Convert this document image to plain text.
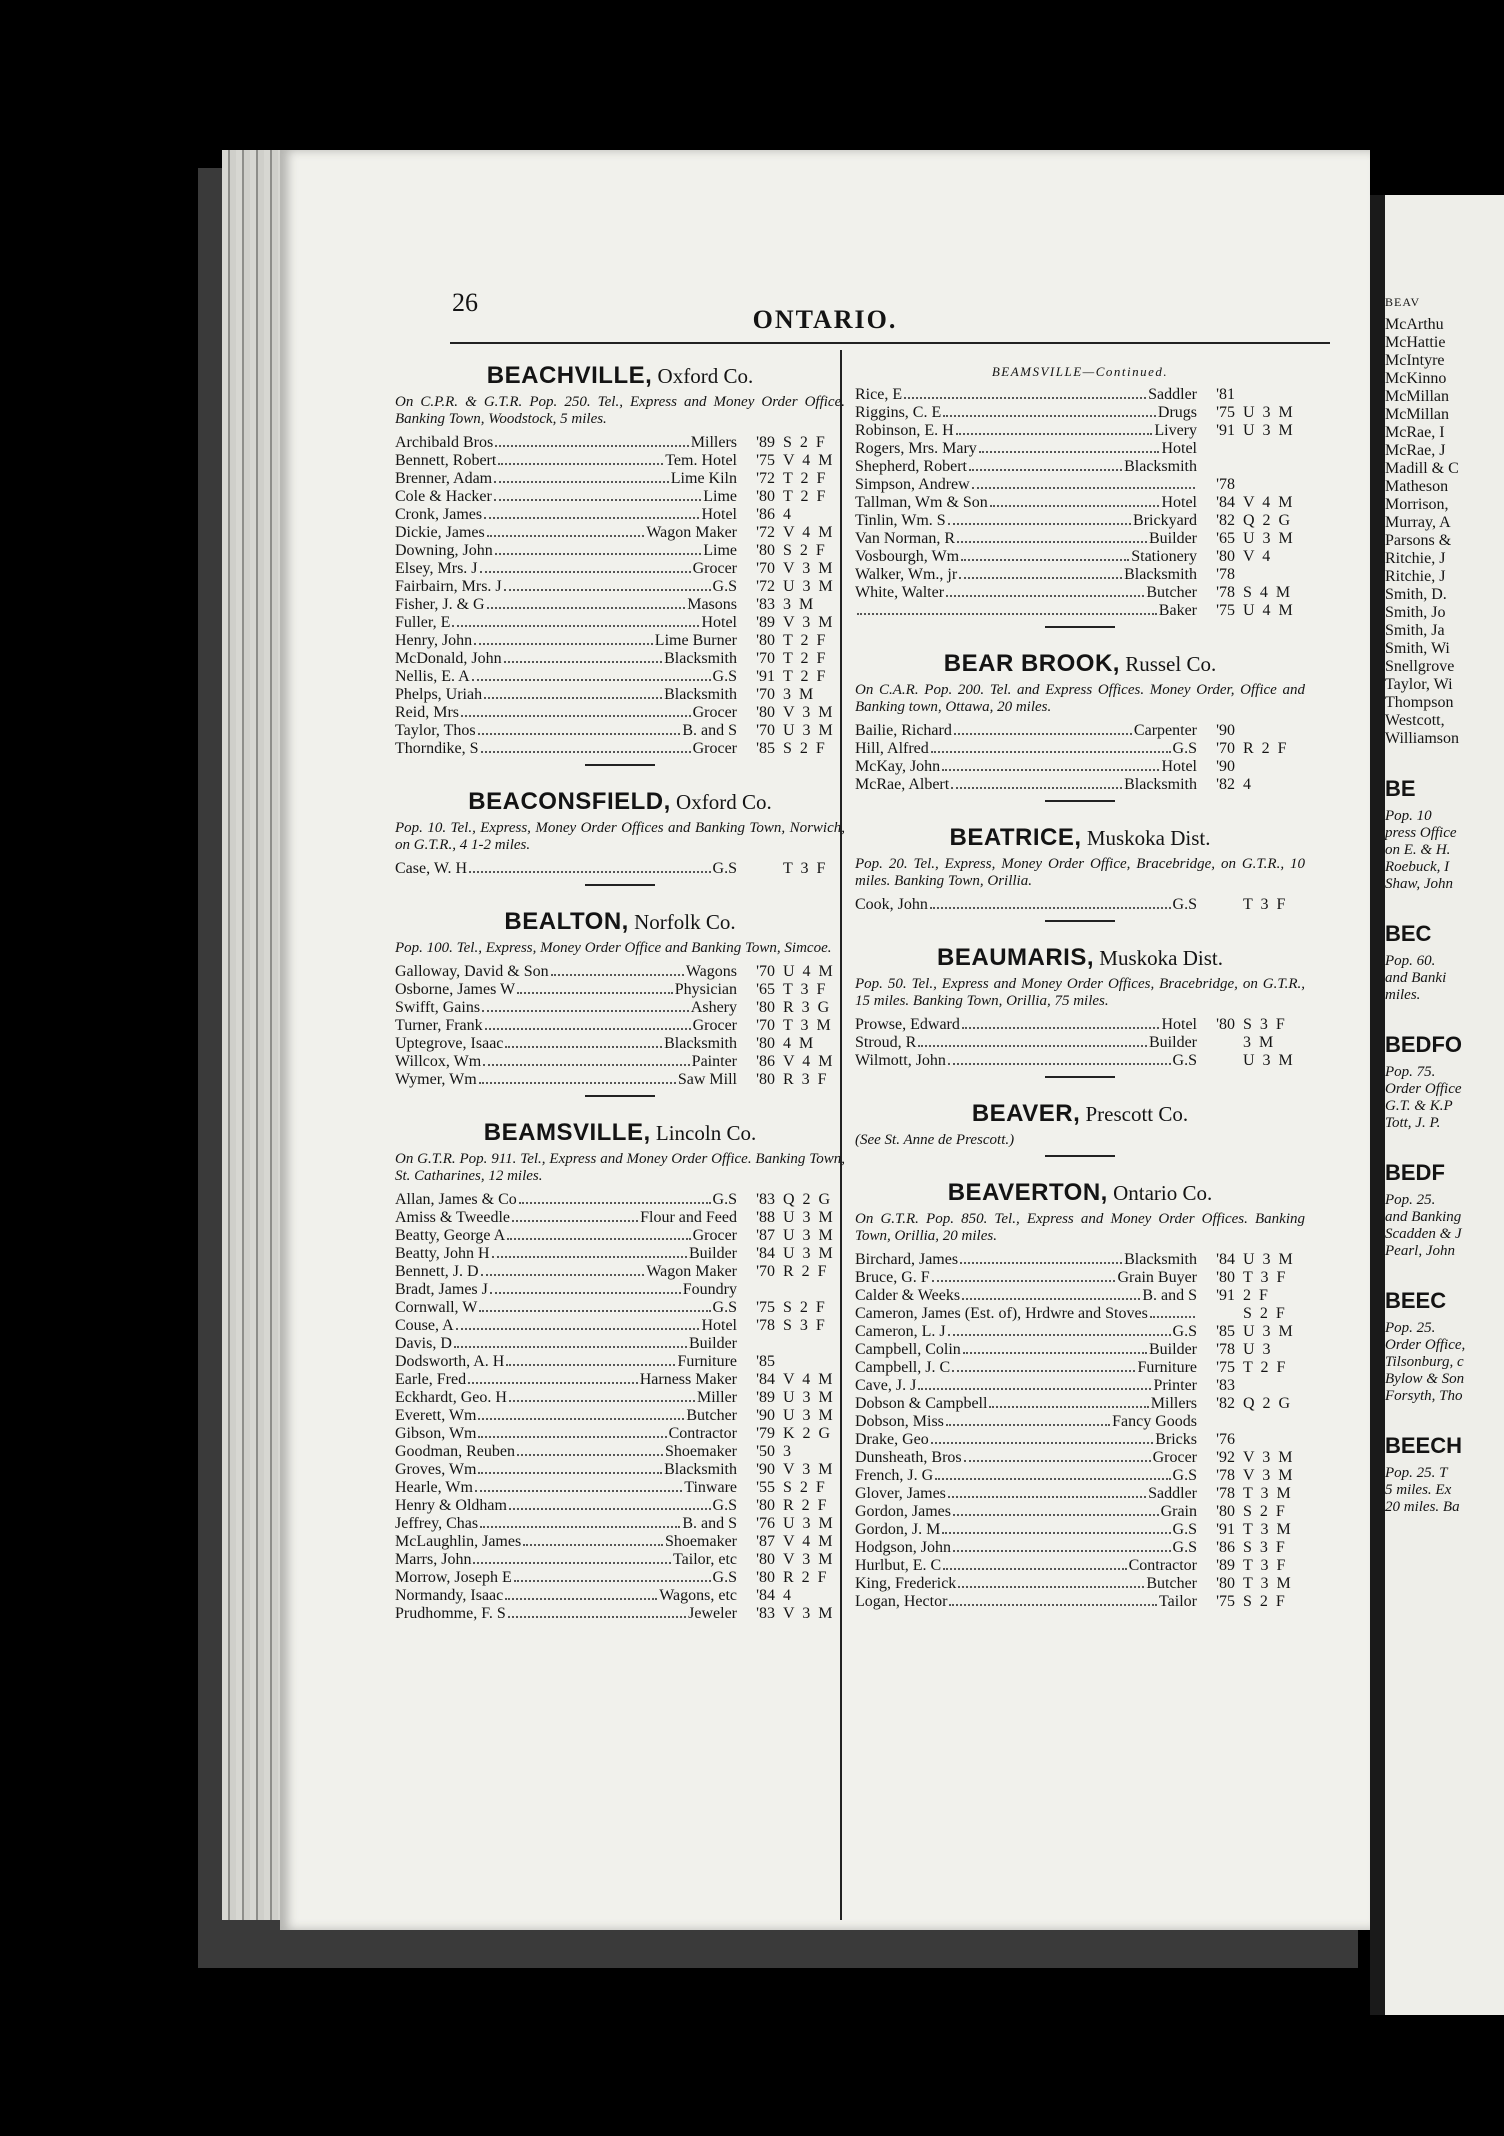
26
ONTARIO.
BEACHVILLE, Oxford Co.
On C.P.R. & G.T.R. Pop. 250. Tel., Express and Money Order Office. Banking Town, Woodstock, 5 miles.
Archibald Bros	Millers	'89 S 2 F
Bennett, Robert	Tem. Hotel	'75 V 4 M
Brenner, Adam	Lime Kiln	'72 T 2 F
Cole & Hacker	Lime	'80 T 2 F
Cronk, James	Hotel	'86 4
Dickie, James	Wagon Maker	'72 V 4 M
Downing, John	Lime	'80 S 2 F
Elsey, Mrs. J	Grocer	'70 V 3 M
Fairbairn, Mrs. J	G.S	'72 U 3 M
Fisher, J. & G	Masons	'83 3 M
Fuller, E	Hotel	'89 V 3 M
Henry, John	Lime Burner	'80 T 2 F
McDonald, John	Blacksmith	'70 T 2 F
Nellis, E. A	G.S	'91 T 2 F
Phelps, Uriah	Blacksmith	'70 3 M
Reid, Mrs	Grocer	'80 V 3 M
Taylor, Thos	B. and S	'70 U 3 M
Thorndike, S	Grocer	'85 S 2 F
BEACONSFIELD, Oxford Co.
Pop. 10. Tel., Express, Money Order Offices and Banking Town, Norwich, on G.T.R., 4 1-2 miles.
Case, W. H	G.S	T 3 F
BEALTON, Norfolk Co.
Pop. 100. Tel., Express, Money Order Office and Banking Town, Simcoe.
Galloway, David & Son	Wagons	'70 U 4 M
Osborne, James W	Physician	'65 T 3 F
Swifft, Gains	Ashery	'80 R 3 G
Turner, Frank	Grocer	'70 T 3 M
Uptegrove, Isaac	Blacksmith	'80 4 M
Willcox, Wm	Painter	'86 V 4 M
Wymer, Wm	Saw Mill	'80 R 3 F
BEAMSVILLE, Lincoln Co.
On G.T.R. Pop. 911. Tel., Express and Money Order Office. Banking Town, St. Catharines, 12 miles.
Allan, James & Co	G.S	'83 Q 2 G
Amiss & Tweedle	Flour and Feed	'88 U 3 M
Beatty, George A	Grocer	'87 U 3 M
Beatty, John H	Builder	'84 U 3 M
Bennett, J. D	Wagon Maker	'70 R 2 F
Bradt, James J	Foundry
Cornwall, W	G.S	'75 S 2 F
Couse, A	Hotel	'78 S 3 F
Davis, D	Builder
Dodsworth, A. H	Furniture	'85
Earle, Fred	Harness Maker	'84 V 4 M
Eckhardt, Geo. H	Miller	'89 U 3 M
Everett, Wm	Butcher	'90 U 3 M
Gibson, Wm	Contractor	'79 K 2 G
Goodman, Reuben	Shoemaker	'50 3
Groves, Wm	Blacksmith	'90 V 3 M
Hearle, Wm	Tinware	'55 S 2 F
Henry & Oldham	G.S	'80 R 2 F
Jeffrey, Chas	B. and S	'76 U 3 M
McLaughlin, James	Shoemaker	'87 V 4 M
Marrs, John	Tailor, etc	'80 V 3 M
Morrow, Joseph E	G.S	'80 R 2 F
Normandy, Isaac	Wagons, etc	'84 4
Prudhomme, F. S	Jeweler	'83 V 3 M
BEAMSVILLE—Continued.
Rice, E	Saddler	'81
Riggins, C. E	Drugs	'75 U 3 M
Robinson, E. H	Livery	'91 U 3 M
Rogers, Mrs. Mary	Hotel
Shepherd, Robert	Blacksmith
Simpson, Andrew	'78
Tallman, Wm & Son	Hotel	'84 V 4 M
Tinlin, Wm. S	Brickyard	'82 Q 2 G
Van Norman, R	Builder	'65 U 3 M
Vosbourgh, Wm	Stationery	'80 V 4
Walker, Wm., jr	Blacksmith	'78
White, Walter	Butcher	'78 S 4 M
Baker	'75 U 4 M
BEAR BROOK, Russel Co.
On C.A.R. Pop. 200. Tel. and Express Offices. Money Order, Office and Banking town, Ottawa, 20 miles.
Bailie, Richard	Carpenter	'90
Hill, Alfred	G.S	'70 R 2 F
McKay, John	Hotel	'90
McRae, Albert	Blacksmith	'82 4
BEATRICE, Muskoka Dist.
Pop. 20. Tel., Express, Money Order Office, Bracebridge, on G.T.R., 10 miles. Banking Town, Orillia.
Cook, John	G.S	T 3 F
BEAUMARIS, Muskoka Dist.
Pop. 50. Tel., Express and Money Order Offices, Bracebridge, on G.T.R., 15 miles. Banking Town, Orillia, 75 miles.
Prowse, Edward	Hotel	'80 S 3 F
Stroud, R	Builder	3 M
Wilmott, John	G.S	U 3 M
BEAVER, Prescott Co.
(See St. Anne de Prescott.)
BEAVERTON, Ontario Co.
On G.T.R. Pop. 850. Tel., Express and Money Order Offices. Banking Town, Orillia, 20 miles.
Birchard, James	Blacksmith	'84 U 3 M
Bruce, G. F	Grain Buyer	'80 T 3 F
Calder & Weeks	B. and S	'91 2 F
Cameron, James (Est. of), Hrdwre and Stoves	S 2 F
Cameron, L. J	G.S	'85 U 3 M
Campbell, Colin	Builder	'78 U 3
Campbell, J. C	Furniture	'75 T 2 F
Cave, J. J	Printer	'83
Dobson & Campbell	Millers	'82 Q 2 G
Dobson, Miss	Fancy Goods
Drake, Geo	Bricks	'76
Dunsheath, Bros	Grocer	'92 V 3 M
French, J. G	G.S	'78 V 3 M
Glover, James	Saddler	'78 T 3 M
Gordon, James	Grain	'80 S 2 F
Gordon, J. M	G.S	'91 T 3 M
Hodgson, John	G.S	'86 S 3 F
Hurlbut, E. C	Contractor	'89 T 3 F
King, Frederick	Butcher	'80 T 3 M
Logan, Hector	Tailor	'75 S 2 F
BEAV
McArthu
McHattie
McIntyre
McKinno
McMillan
McMillan
McRae, I
McRae, J
Madill & C
Matheson
Morrison,
Murray, A
Parsons &
Ritchie, J
Ritchie, J
Smith, D.
Smith, Jo
Smith, Ja
Smith, Wi
Snellgrove
Taylor, Wi
Thompson
Westcott,
Williamson
BE
Pop. 10
press Office
on E. & H.
Roebuck, I
Shaw, John
BEC
Pop. 60.
and Banki
miles.
BEDFO
Pop. 75.
Order Office
G.T. & K.P
Tott, J. P.
BEDF
Pop. 25.
and Banking
Scadden & J
Pearl, John
BEEC
Pop. 25.
Order Office,
Tilsonburg, c
Bylow & Son
Forsyth, Tho
BEECH
Pop. 25. T
5 miles. Ex
20 miles. Ba
